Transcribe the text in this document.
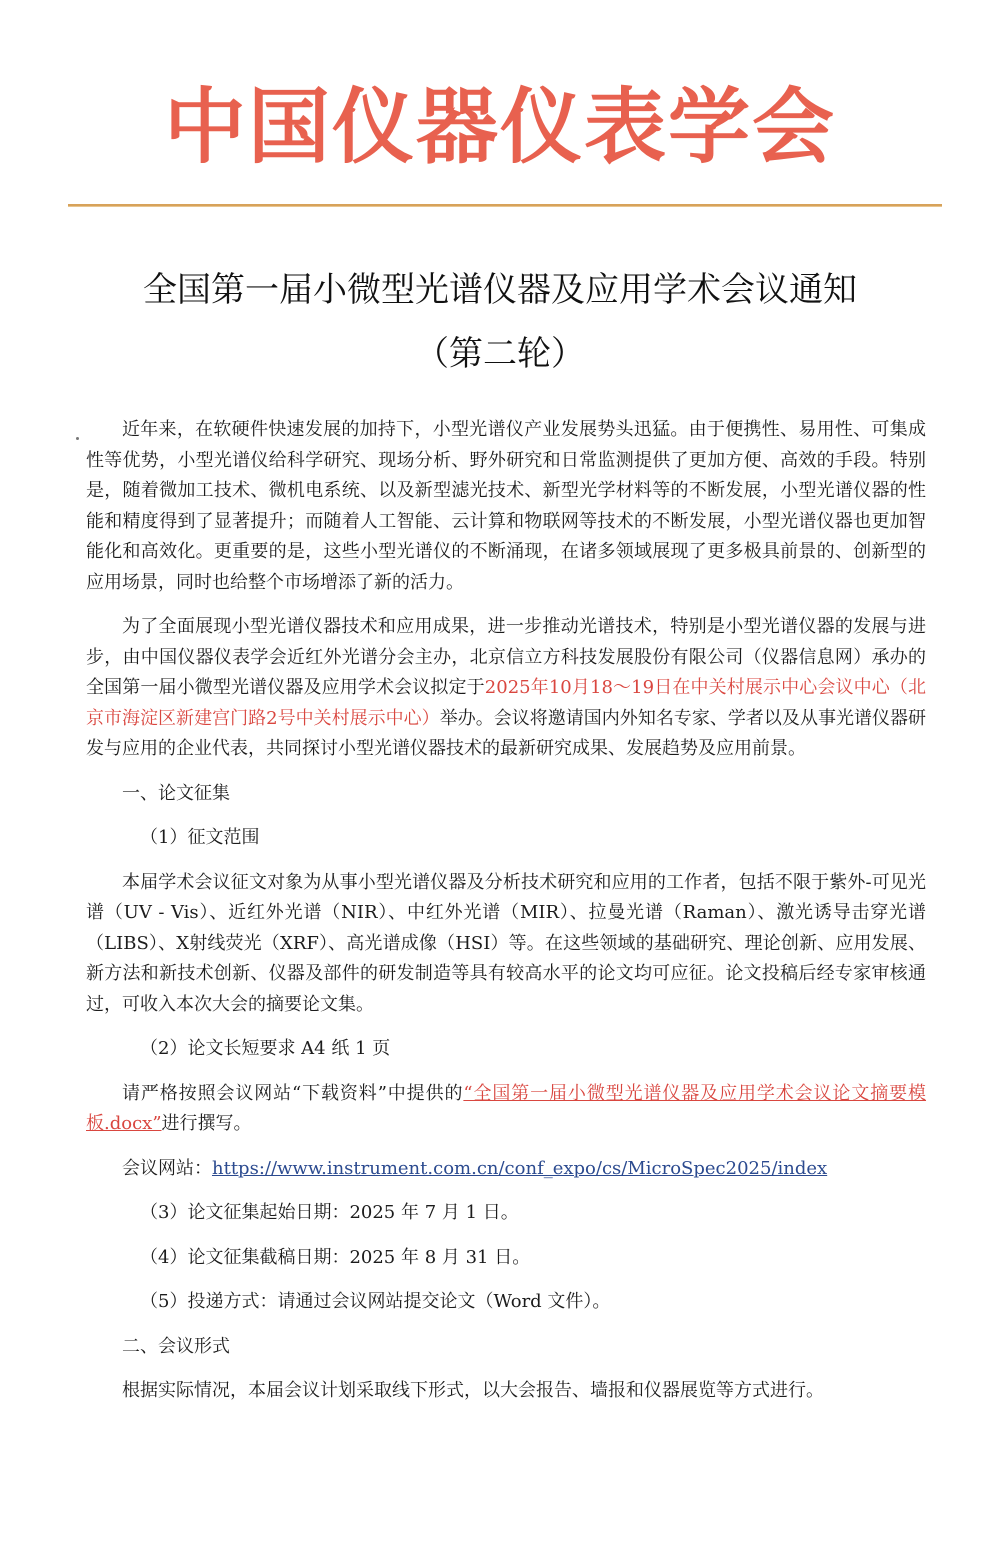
中国仪器仪表学会
全国第一届小微型光谱仪器及应用学术会议通知
（第二轮）

近年来，在软硬件快速发展的加持下，小型光谱仪产业发展势头迅猛。由于便携性、易用性、可集成性等优势，小型光谱仪给科学研究、现场分析、野外研究和日常监测提供了更加方便、高效的手段。特别是，随着微加工技术、微机电系统、以及新型滤光技术、新型光学材料等的不断发展，小型光谱仪器的性能和精度得到了显著提升；而随着人工智能、云计算和物联网等技术的不断发展，小型光谱仪器也更加智能化和高效化。更重要的是，这些小型光谱仪的不断涌现，在诸多领域展现了更多极具前景的、创新型的应用场景，同时也给整个市场增添了新的活力。

为了全面展现小型光谱仪器技术和应用成果，进一步推动光谱技术，特别是小型光谱仪器的发展与进步，由中国仪器仪表学会近红外光谱分会主办，北京信立方科技发展股份有限公司（仪器信息网）承办的全国第一届小微型光谱仪器及应用学术会议拟定于2025年10月18～19日在中关村展示中心会议中心（北京市海淀区新建宫门路2号中关村展示中心）举办。会议将邀请国内外知名专家、学者以及从事光谱仪器研发与应用的企业代表，共同探讨小型光谱仪器技术的最新研究成果、发展趋势及应用前景。

一、论文征集

（1）征文范围

本届学术会议征文对象为从事小型光谱仪器及分析技术研究和应用的工作者，包括不限于紫外-可见光谱（UV - Vis）、近红外光谱（NIR）、中红外光谱（MIR）、拉曼光谱（Raman）、激光诱导击穿光谱（LIBS）、X射线荧光（XRF）、高光谱成像（HSI）等。在这些领域的基础研究、理论创新、应用发展、新方法和新技术创新、仪器及部件的研发制造等具有较高水平的论文均可应征。论文投稿后经专家审核通过，可收入本次大会的摘要论文集。

（2）论文长短要求 A4 纸 1 页

请严格按照会议网站“下载资料”中提供的“全国第一届小微型光谱仪器及应用学术会议论文摘要模板.docx”进行撰写。

会议网站：https://www.instrument.com.cn/conf_expo/cs/MicroSpec2025/index

（3）论文征集起始日期：2025 年 7 月 1 日。

（4）论文征集截稿日期：2025 年 8 月 31 日。

（5）投递方式：请通过会议网站提交论文（Word 文件）。

二、会议形式

根据实际情况，本届会议计划采取线下形式，以大会报告、墙报和仪器展览等方式进行。
